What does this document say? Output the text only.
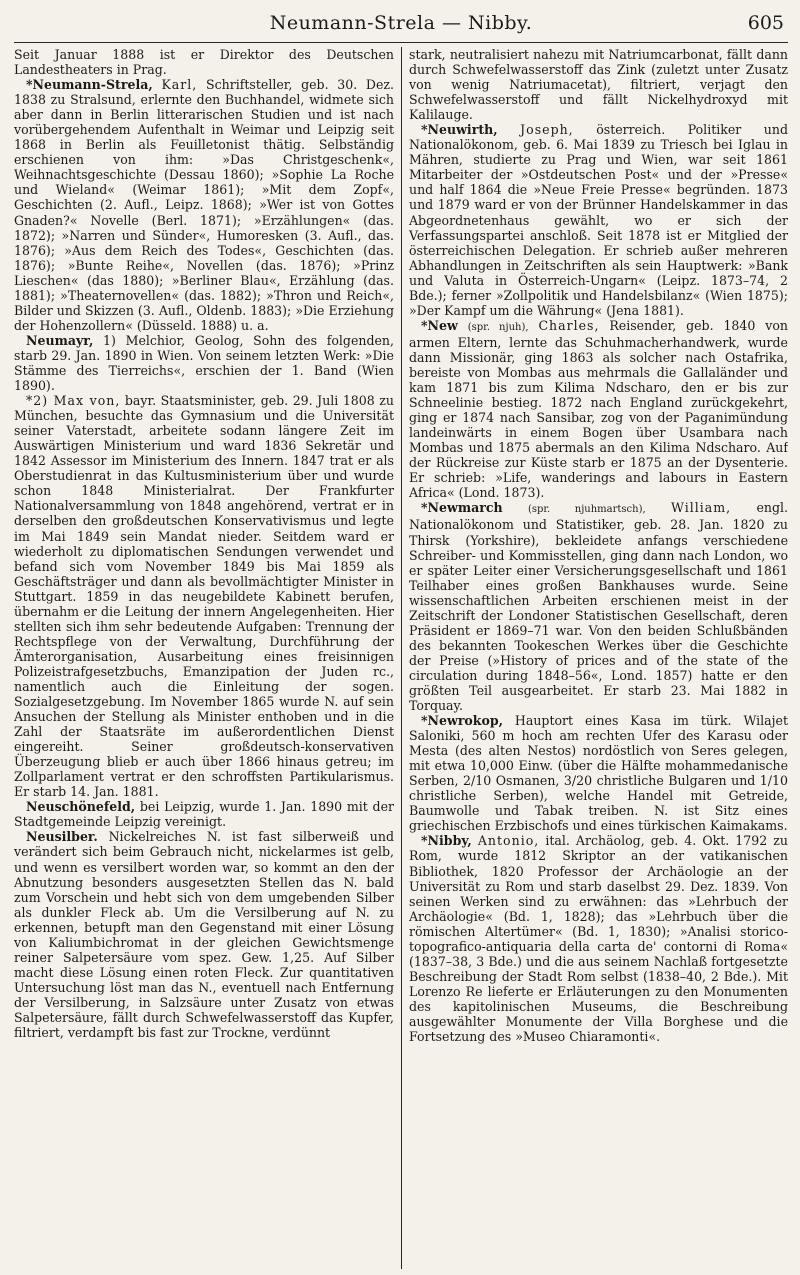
Neumann-Strela — Nibby.	605

Seit Januar 1888 ist er Direktor des Deutschen Landestheaters in Prag.

*Neumann-Strela, Karl, Schriftsteller, geb. 30. Dez. 1838 zu Stralsund, erlernte den Buchhandel, widmete sich aber dann in Berlin litterarischen Studien und ist nach vorübergehendem Aufenthalt in Weimar und Leipzig seit 1868 in Berlin als Feuilletonist thätig. Selbständig erschienen von ihm: »Das Christgeschenk«, Weihnachtsgeschichte (Dessau 1860); »Sophie La Roche und Wieland« (Weimar 1861); »Mit dem Zopf«, Geschichten (2. Aufl., Leipz. 1868); »Wer ist von Gottes Gnaden?« Novelle (Berl. 1871); »Erzählungen« (das. 1872); »Narren und Sünder«, Humoresken (3. Aufl., das. 1876); »Aus dem Reich des Todes«, Geschichten (das. 1876); »Bunte Reihe«, Novellen (das. 1876); »Prinz Lieschen« (das 1880); »Berliner Blau«, Erzählung (das. 1881); »Theaternovellen« (das. 1882); »Thron und Reich«, Bilder und Skizzen (3. Aufl., Oldenb. 1883); »Die Erziehung der Hohenzollern« (Düsseld. 1888) u. a.

Neumayr, 1) Melchior, Geolog, Sohn des folgenden, starb 29. Jan. 1890 in Wien. Von seinem letzten Werk: »Die Stämme des Tierreichs«, erschien der 1. Band (Wien 1890).

*2) Max von, bayr. Staatsminister, geb. 29. Juli 1808 zu München, besuchte das Gymnasium und die Universität seiner Vaterstadt, arbeitete sodann längere Zeit im Auswärtigen Ministerium und ward 1836 Sekretär und 1842 Assessor im Ministerium des Innern. 1847 trat er als Oberstudienrat in das Kultusministerium über und wurde schon 1848 Ministerialrat. Der Frankfurter Nationalversammlung von 1848 angehörend, vertrat er in derselben den großdeutschen Konservativismus und legte im Mai 1849 sein Mandat nieder. Seitdem ward er wiederholt zu diplomatischen Sendungen verwendet und befand sich vom November 1849 bis Mai 1859 als Geschäftsträger und dann als bevollmächtigter Minister in Stuttgart. 1859 in das neugebildete Kabinett berufen, übernahm er die Leitung der innern Angelegenheiten. Hier stellten sich ihm sehr bedeutende Aufgaben: Trennung der Rechtspflege von der Verwaltung, Durchführung der Ämterorganisation, Ausarbeitung eines freisinnigen Polizeistrafgesetzbuchs, Emanzipation der Juden rc., namentlich auch die Einleitung der sogen. Sozialgesetzgebung. Im November 1865 wurde N. auf sein Ansuchen der Stellung als Minister enthoben und in die Zahl der Staatsräte im außerordentlichen Dienst eingereiht. Seiner großdeutsch-konservativen Überzeugung blieb er auch über 1866 hinaus getreu; im Zollparlament vertrat er den schroffsten Partikularismus. Er starb 14. Jan. 1881.

Neuschönefeld, bei Leipzig, wurde 1. Jan. 1890 mit der Stadtgemeinde Leipzig vereinigt.

Neusilber. Nickelreiches N. ist fast silberweiß und verändert sich beim Gebrauch nicht, nickelarmes ist gelb, und wenn es versilbert worden war, so kommt an den der Abnutzung besonders ausgesetzten Stellen das N. bald zum Vorschein und hebt sich von dem umgebenden Silber als dunkler Fleck ab. Um die Versilberung auf N. zu erkennen, betupft man den Gegenstand mit einer Lösung von Kaliumbichromat in der gleichen Gewichtsmenge reiner Salpetersäure vom spez. Gew. 1,25. Auf Silber macht diese Lösung einen roten Fleck. Zur quantitativen Untersuchung löst man das N., eventuell nach Entfernung der Versilberung, in Salzsäure unter Zusatz von etwas Salpetersäure, fällt durch Schwefelwasserstoff das Kupfer, filtriert, verdampft bis fast zur Trockne, verdünnt

stark, neutralisiert nahezu mit Natriumcarbonat, fällt dann durch Schwefelwasserstoff das Zink (zuletzt unter Zusatz von wenig Natriumacetat), filtriert, verjagt den Schwefelwasserstoff und fällt Nickelhydroxyd mit Kalilauge.

*Neuwirth, Joseph, österreich. Politiker und Nationalökonom, geb. 6. Mai 1839 zu Triesch bei Iglau in Mähren, studierte zu Prag und Wien, war seit 1861 Mitarbeiter der »Ostdeutschen Post« und der »Presse« und half 1864 die »Neue Freie Presse« begründen. 1873 und 1879 ward er von der Brünner Handelskammer in das Abgeordnetenhaus gewählt, wo er sich der Verfassungspartei anschloß. Seit 1878 ist er Mitglied der österreichischen Delegation. Er schrieb außer mehreren Abhandlungen in Zeitschriften als sein Hauptwerk: »Bank und Valuta in Österreich-Ungarn« (Leipz. 1873–74, 2 Bde.); ferner »Zollpolitik und Handelsbilanz« (Wien 1875); »Der Kampf um die Währung« (Jena 1881).

*New (spr. njuh), Charles, Reisender, geb. 1840 von armen Eltern, lernte das Schuhmacherhandwerk, wurde dann Missionär, ging 1863 als solcher nach Ostafrika, bereiste von Mombas aus mehrmals die Gallaländer und kam 1871 bis zum Kilima Ndscharo, den er bis zur Schneelinie bestieg. 1872 nach England zurückgekehrt, ging er 1874 nach Sansibar, zog von der Paganimündung landeinwärts in einem Bogen über Usambara nach Mombas und 1875 abermals an den Kilima Ndscharo. Auf der Rückreise zur Küste starb er 1875 an der Dysenterie. Er schrieb: »Life, wanderings and labours in Eastern Africa« (Lond. 1873).

*Newmarch	(spr. njuhmartsch), William, engl. Nationalökonom und Statistiker, geb. 28. Jan. 1820 zu Thirsk (Yorkshire), bekleidete anfangs verschiedene Schreiber- und Kommisstellen, ging dann nach London, wo er später Leiter einer Versicherungsgesellschaft und 1861 Teilhaber eines großen Bankhauses wurde. Seine wissenschaftlichen Arbeiten erschienen meist in der Zeitschrift der Londoner Statistischen Gesellschaft, deren Präsident er 1869–71 war. Von den beiden Schlußbänden des bekannten Tookeschen Werkes über die Geschichte der Preise (»History of prices and of the state of the circulation during 1848–56«, Lond. 1857) hatte er den größten Teil ausgearbeitet. Er starb 23. Mai 1882 in Torquay.

*Newrokop, Hauptort eines Kasa im türk. Wilajet Saloniki, 560 m hoch am rechten Ufer des Karasu oder Mesta (des alten Nestos) nordöstlich von Seres gelegen, mit etwa 10,000 Einw. (über die Hälfte mohammedanische Serben, 2/10 Osmanen, 3/20 christliche Bulgaren und 1/10 christliche Serben), welche Handel mit Getreide, Baumwolle und Tabak treiben. N. ist Sitz eines griechischen Erzbischofs und eines türkischen Kaimakams.

*Nibby, Antonio, ital. Archäolog, geb. 4. Okt. 1792 zu Rom, wurde 1812 Skriptor an der vatikanischen Bibliothek, 1820 Professor der Archäologie an der Universität zu Rom und starb daselbst 29. Dez. 1839. Von seinen Werken sind zu erwähnen: das »Lehrbuch der Archäologie« (Bd. 1, 1828); das »Lehrbuch über die römischen Altertümer« (Bd. 1, 1830); »Analisi storico-topografico-antiquaria della carta de' contorni di Roma« (1837–38, 3 Bde.) und die aus seinem Nachlaß fortgesetzte Beschreibung der Stadt Rom selbst (1838–40, 2 Bde.). Mit Lorenzo Re lieferte er Erläuterungen zu den Monumenten des kapitolinischen Museums, die Beschreibung ausgewählter Monumente der Villa Borghese und die Fortsetzung des »Museo Chiaramonti«.
